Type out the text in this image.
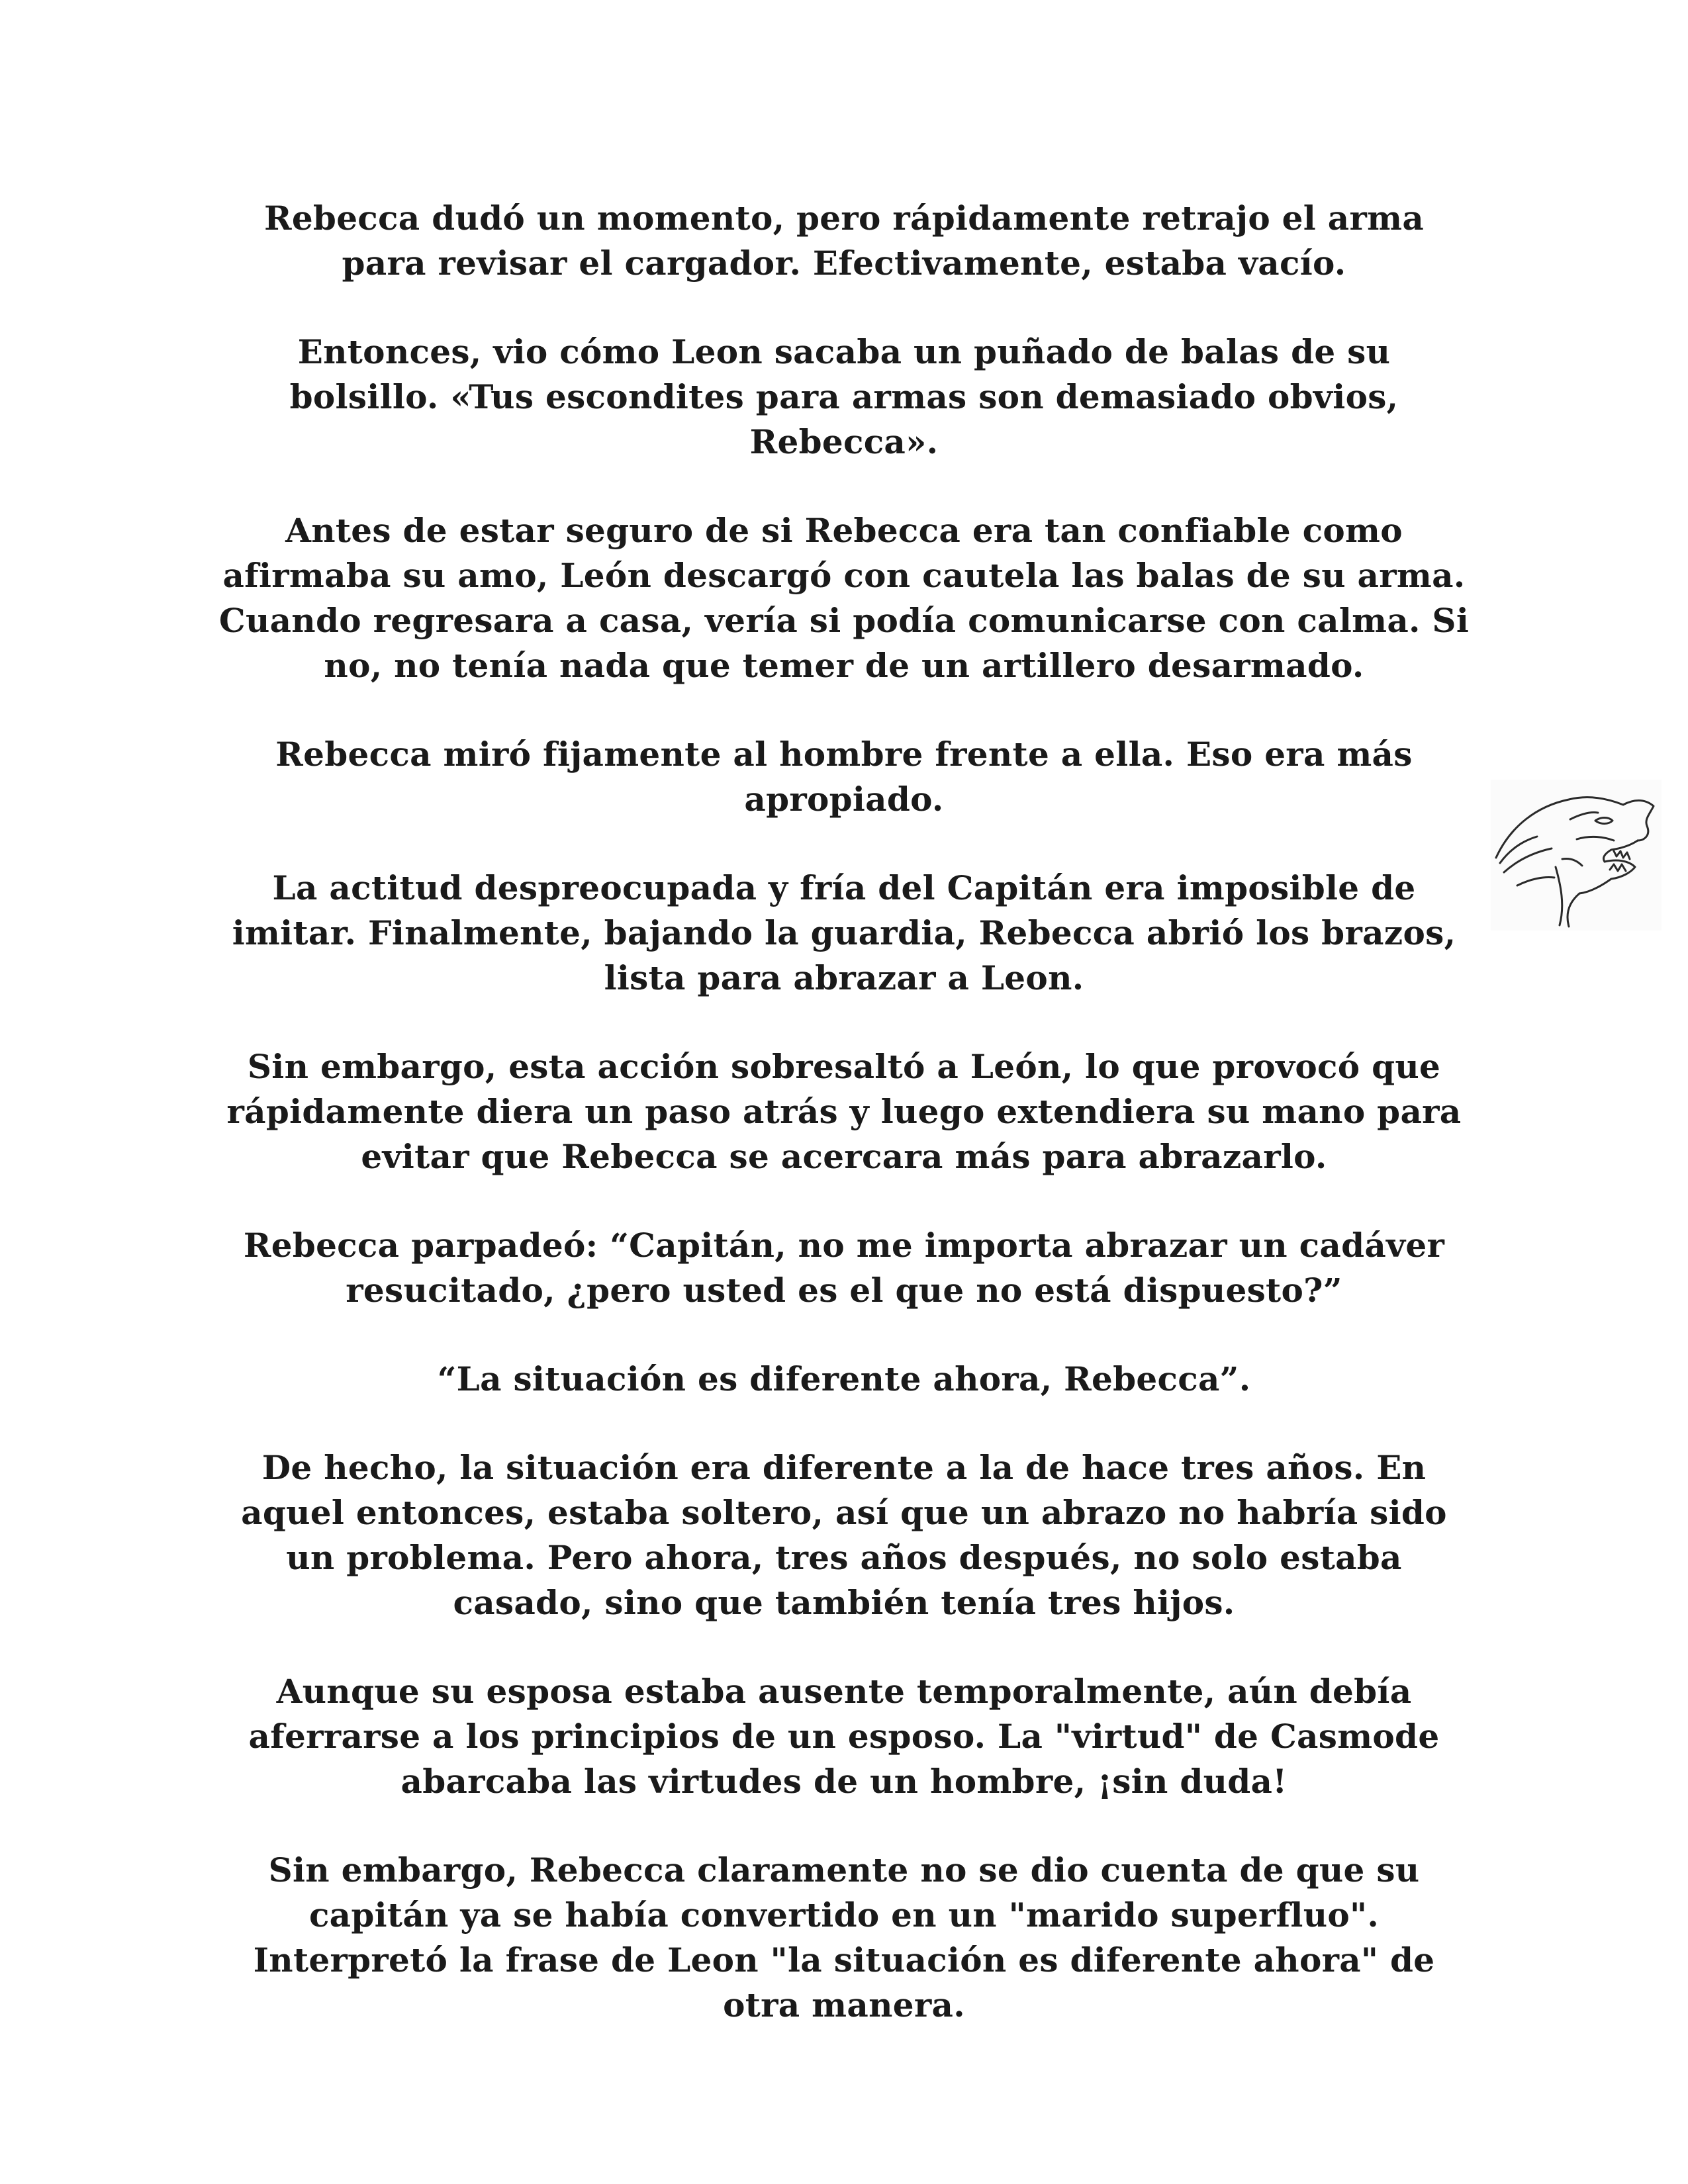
Rebecca dudó un momento, pero rápidamente retrajo el arma para revisar el cargador. Efectivamente, estaba vacío.

Entonces, vio cómo Leon sacaba un puñado de balas de su bolsillo. «Tus escondites para armas son demasiado obvios, Rebecca».

Antes de estar seguro de si Rebecca era tan confiable como afirmaba su amo, León descargó con cautela las balas de su arma. Cuando regresara a casa, vería si podía comunicarse con calma. Si no, no tenía nada que temer de un artillero desarmado.

Rebecca miró fijamente al hombre frente a ella. Eso era más apropiado.

La actitud despreocupada y fría del Capitán era imposible de imitar. Finalmente, bajando la guardia, Rebecca abrió los brazos, lista para abrazar a Leon.

Sin embargo, esta acción sobresaltó a León, lo que provocó que rápidamente diera un paso atrás y luego extendiera su mano para evitar que Rebecca se acercara más para abrazarlo.

Rebecca parpadeó: “Capitán, no me importa abrazar un cadáver resucitado, ¿pero usted es el que no está dispuesto?”

“La situación es diferente ahora, Rebecca”.

De hecho, la situación era diferente a la de hace tres años. En aquel entonces, estaba soltero, así que un abrazo no habría sido un problema. Pero ahora, tres años después, no solo estaba casado, sino que también tenía tres hijos.

Aunque su esposa estaba ausente temporalmente, aún debía aferrarse a los principios de un esposo. La "virtud" de Casmode abarcaba las virtudes de un hombre, ¡sin duda!

Sin embargo, Rebecca claramente no se dio cuenta de que su capitán ya se había convertido en un "marido superfluo". Interpretó la frase de Leon "la situación es diferente ahora" de otra manera.
